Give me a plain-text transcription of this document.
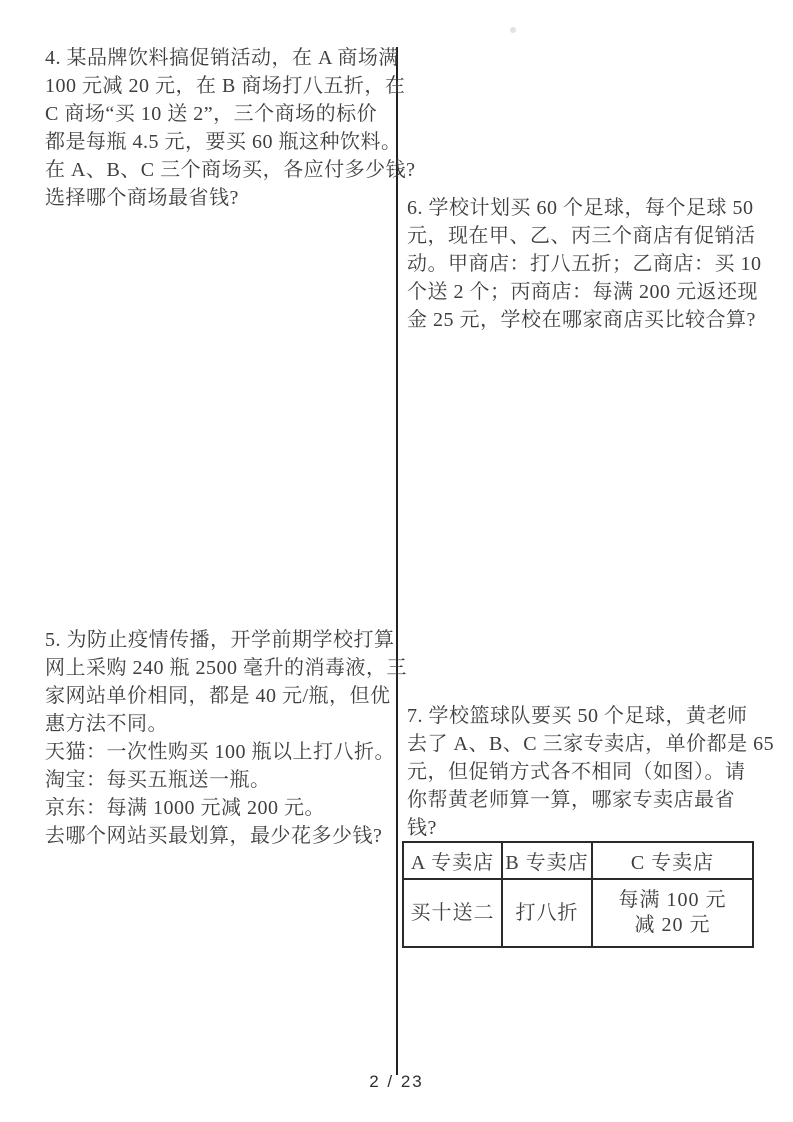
4. 某品牌饮料搞促销活动，在 A 商场满
100 元减 20 元，在 B 商场打八五折，在
C 商场“买 10 送 2”，三个商场的标价
都是每瓶 4.5 元，要买 60 瓶这种饮料。
在 A、B、C 三个商场买，各应付多少钱?
选择哪个商场最省钱?
5. 为防止疫情传播，开学前期学校打算
网上采购 240 瓶 2500 毫升的消毒液，三
家网站单价相同，都是 40 元/瓶，但优
惠方法不同。
天猫：一次性购买 100 瓶以上打八折。
淘宝：每买五瓶送一瓶。
京东：每满 1000 元减 200 元。
去哪个网站买最划算，最少花多少钱?
6. 学校计划买 60 个足球，每个足球 50
元，现在甲、乙、丙三个商店有促销活
动。甲商店：打八五折；乙商店：买 10
个送 2 个；丙商店：每满 200 元返还现
金 25 元，学校在哪家商店买比较合算?
7. 学校篮球队要买 50 个足球，黄老师
去了 A、B、C 三家专卖店，单价都是 65
元，但促销方式各不相同（如图）。请
你帮黄老师算一算，哪家专卖店最省
钱?
A 专卖店 B 专卖店	C 专卖店
买十送二	打八折
每满 100 元
减 20 元
2 / 23
